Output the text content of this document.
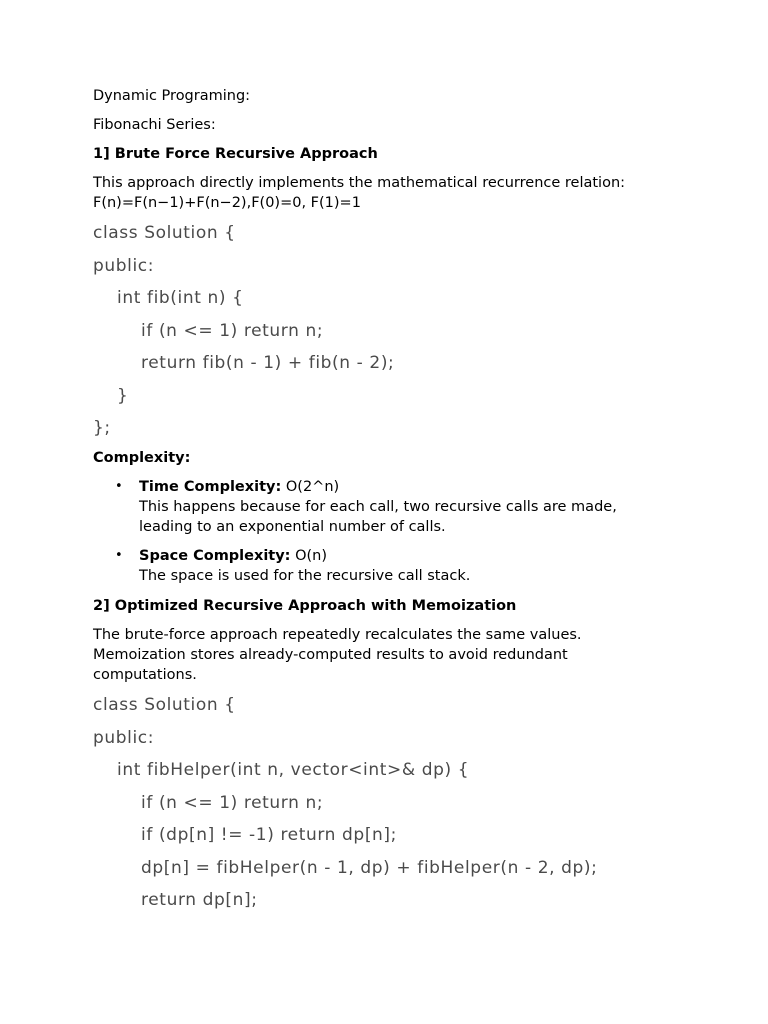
Dynamic Programing:

Fibonachi Series:

1] Brute Force Recursive Approach

This approach directly implements the mathematical recurrence relation:

F(n)=F(n−1)+F(n−2),F(0)=0, F(1)=1

class Solution {

public:

int fib(int n) {

if (n <= 1) return n;

return fib(n - 1) + fib(n - 2);

}

};

Complexity:

• Time Complexity: O(2^n)
This happens because for each call, two recursive calls are made,
leading to an exponential number of calls.
• Space Complexity: O(n)
The space is used for the recursive call stack.

2] Optimized Recursive Approach with Memoization

The brute-force approach repeatedly recalculates the same values.

Memoization stores already-computed results to avoid redundant

computations.

class Solution {

public:

int fibHelper(int n, vector<int>& dp) {

if (n <= 1) return n;

if (dp[n] != -1) return dp[n];

dp[n] = fibHelper(n - 1, dp) + fibHelper(n - 2, dp);

return dp[n];
